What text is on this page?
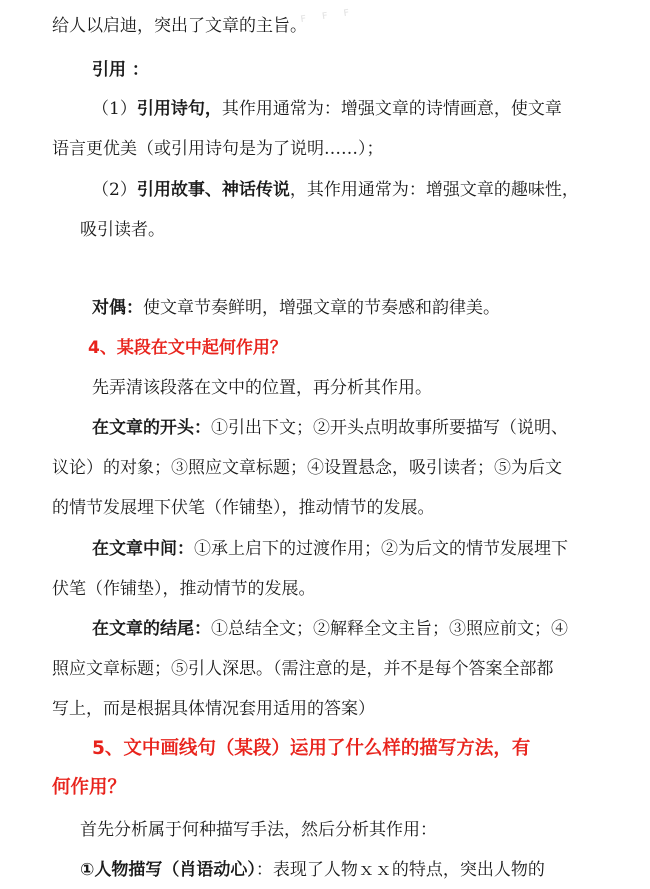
ꜰ ꜰ ꜰ
给人以启迪，突出了文章的主旨。
引用 ：
（1）引用诗句，其作用通常为：增强文章的诗情画意，使文章
语言更优美（或引用诗句是为了说明……）；
（2）引用故事、神话传说，其作用通常为：增强文章的趣味性，
吸引读者。
对偶：使文章节奏鲜明，增强文章的节奏感和韵律美。
4、某段在文中起何作用？
先弄清该段落在文中的位置，再分析其作用。
在文章的开头：①引出下文；②开头点明故事所要描写（说明、
议论）的对象；③照应文章标题；④设置悬念，吸引读者；⑤为后文
的情节发展埋下伏笔（作铺垫），推动情节的发展。
在文章中间：①承上启下的过渡作用；②为后文的情节发展埋下
伏笔（作铺垫），推动情节的发展。
在文章的结尾：①总结全文；②解释全文主旨；③照应前文；④
照应文章标题；⑤引人深思。（需注意的是，并不是每个答案全部都
写上，而是根据具体情况套用适用的答案）
5、文中画线句（某段）运用了什么样的描写方法，有
何作用？
首先分析属于何种描写手法，然后分析其作用：
①人物描写（肖语动心）：表现了人物ｘｘ的特点，突出人物的
